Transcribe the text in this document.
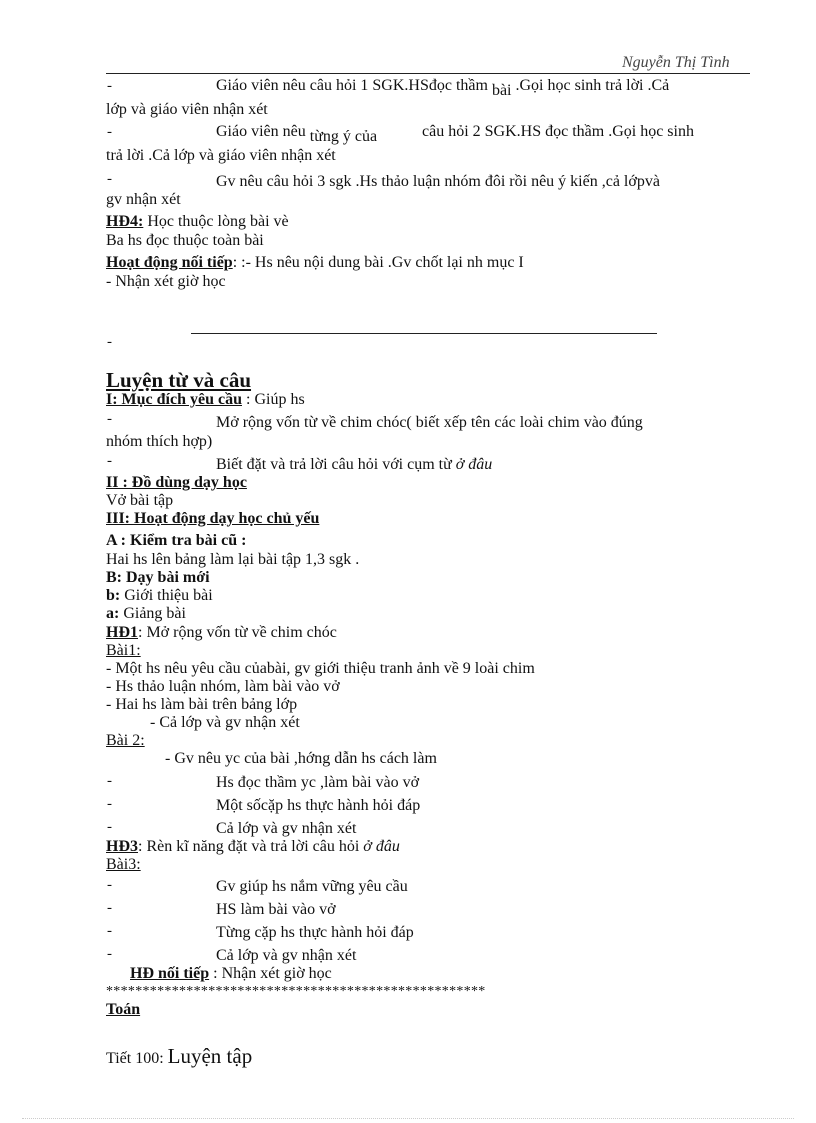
Nguyễn Thị Tình
-	Giáo viên nêu câu hỏi 1 SGK.HSđọc thầm bài .Gọi học sinh trả lời .Cả
lớp và giáo viên nhận xét
-	Giáo viên nêu từng ý của	câu hỏi 2 SGK.HS đọc thầm .Gọi học sinh
trả lời .Cả lớp và giáo viên nhận xét
-	Gv nêu câu hỏi 3 sgk .Hs thảo luận nhóm đôi rồi nêu ý kiến ,cả lớpvà
gv nhận xét
HĐ4: Học thuộc lòng bài vè
Ba hs đọc thuộc toàn bài
Hoạt động nối tiếp: :- Hs nêu nội dung bài .Gv chốt lại nh mục I
- Nhận xét giờ học
-
Luyện từ và câu
I: Mục đích yêu cầu : Giúp hs
-	Mở rộng vốn từ về chim chóc( biết xếp tên các loài chim vào đúng
nhóm thích hợp)
-	Biết đặt và trả lời câu hỏi với cụm từ ở đâu
II : Đồ dùng dạy học
Vở bài tập
III: Hoạt động dạy học chủ yếu
A : Kiểm tra bài cũ :
Hai hs lên bảng làm lại bài tập 1,3 sgk .
B: Dạy bài mới
b: Giới thiệu bài
a: Giảng bài
HĐ1: Mở rộng vốn từ về chim chóc
Bài1:
- Một hs nêu yêu cầu củabài, gv giới thiệu tranh ảnh về 9 loài chim
- Hs thảo luận nhóm, làm bài vào vở
- Hai hs làm bài trên bảng lớp
- Cả lớp và gv nhận xét
Bài 2:
- Gv nêu yc của bài ,hớng dẫn hs cách làm
-	Hs đọc thầm yc ,làm bài vào vở
-	Một sốcặp hs thực hành hỏi đáp
-	Cả lớp và gv nhận xét
HĐ3: Rèn kĩ năng đặt và trả lời câu hỏi ở đâu
Bài3:
-	Gv giúp hs nắm vững yêu cầu
-	HS làm bài vào vở
-	Từng cặp hs thực hành hỏi đáp
-	Cả lớp và gv nhận xét
HĐ nối tiếp : Nhận xét giờ học
****************************************************
Toán
Tiết 100: Luyện tập
